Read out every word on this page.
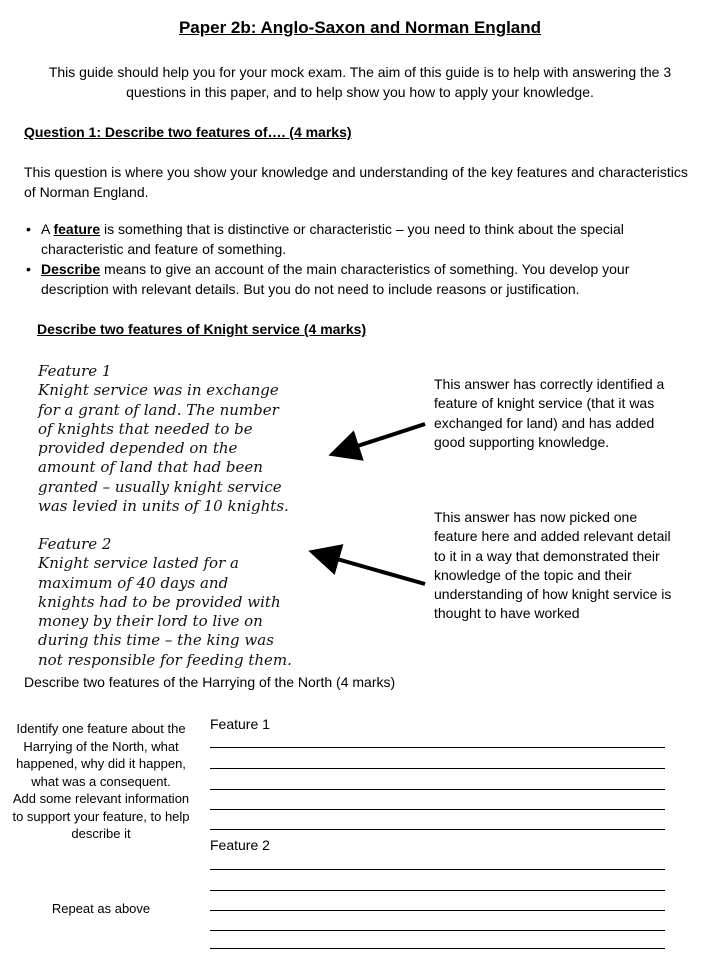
Paper 2b: Anglo-Saxon and Norman England
This guide should help you for your mock exam. The aim of this guide is to help with answering the 3 questions in this paper, and to help show you how to apply your knowledge.
Question 1: Describe two features of…. (4 marks)
This question is where you show your knowledge and understanding of the key features and characteristics of Norman England.
• A feature is something that is distinctive or characteristic – you need to think about the special characteristic and feature of something.
• Describe means to give an account of the main characteristics of something. You develop your description with relevant details. But you do not need to include reasons or justification.
Describe two features of Knight service (4 marks)
Feature 1
Knight service was in exchange
for a grant of land. The number
of knights that needed to be
provided depended on the
amount of land that had been
granted – usually knight service
was levied in units of 10 knights.
Feature 2
Knight service lasted for a
maximum of 40 days and
knights had to be provided with
money by their lord to live on
during this time – the king was
not responsible for feeding them.
This answer has correctly identified a feature of knight service (that it was exchanged for land) and has added good supporting knowledge.
This answer has now picked one feature here and added relevant detail to it in a way that demonstrated their knowledge of the topic and their understanding of how knight service is thought to have worked
Describe two features of the Harrying of the North (4 marks)
Identify one feature about the Harrying of the North, what happened, why did it happen, what was a consequent.
Add some relevant information to support your feature, to help describe it
Repeat as above
Feature 1
Feature 2
